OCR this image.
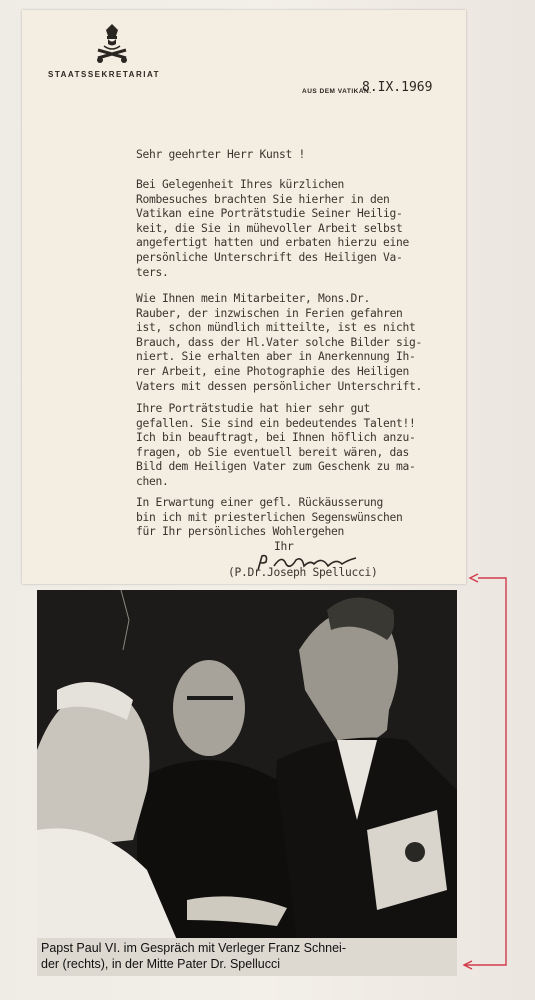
STAATSSEKRETARIAT
AUS DEM VATIKAN.
8.IX.1969
Sehr geehrter Herr Kunst !
Bei Gelegenheit Ihres kürzlichen
Rombesuches brachten Sie hierher in den
Vatikan eine Porträtstudie Seiner Heilig-
keit, die Sie in mühevoller Arbeit selbst
angefertigt hatten und erbaten hierzu eine
persönliche Unterschrift des Heiligen Va-
ters.
Wie Ihnen mein Mitarbeiter, Mons.Dr.
Rauber, der inzwischen in Ferien gefahren
ist, schon mündlich mitteilte, ist es nicht
Brauch, dass der Hl.Vater solche Bilder sig-
niert. Sie erhalten aber in Anerkennung Ih-
rer Arbeit, eine Photographie des Heiligen
Vaters mit dessen persönlicher Unterschrift.
Ihre Porträtstudie hat hier sehr gut
gefallen. Sie sind ein bedeutendes Talent!!
Ich bin beauftragt, bei Ihnen höflich anzu-
fragen, ob Sie eventuell bereit wären, das
Bild dem Heiligen Vater zum Geschenk zu ma-
chen.
In Erwartung einer gefl. Rückäusserung
bin ich mit priesterlichen Segenswünschen
für Ihr persönliches Wohlergehen
Ihr
(P.Dr.Joseph Spellucci)
Papst Paul VI. im Gespräch mit Verleger Franz Schnei-
der (rechts), in der Mitte Pater Dr. Spellucci
